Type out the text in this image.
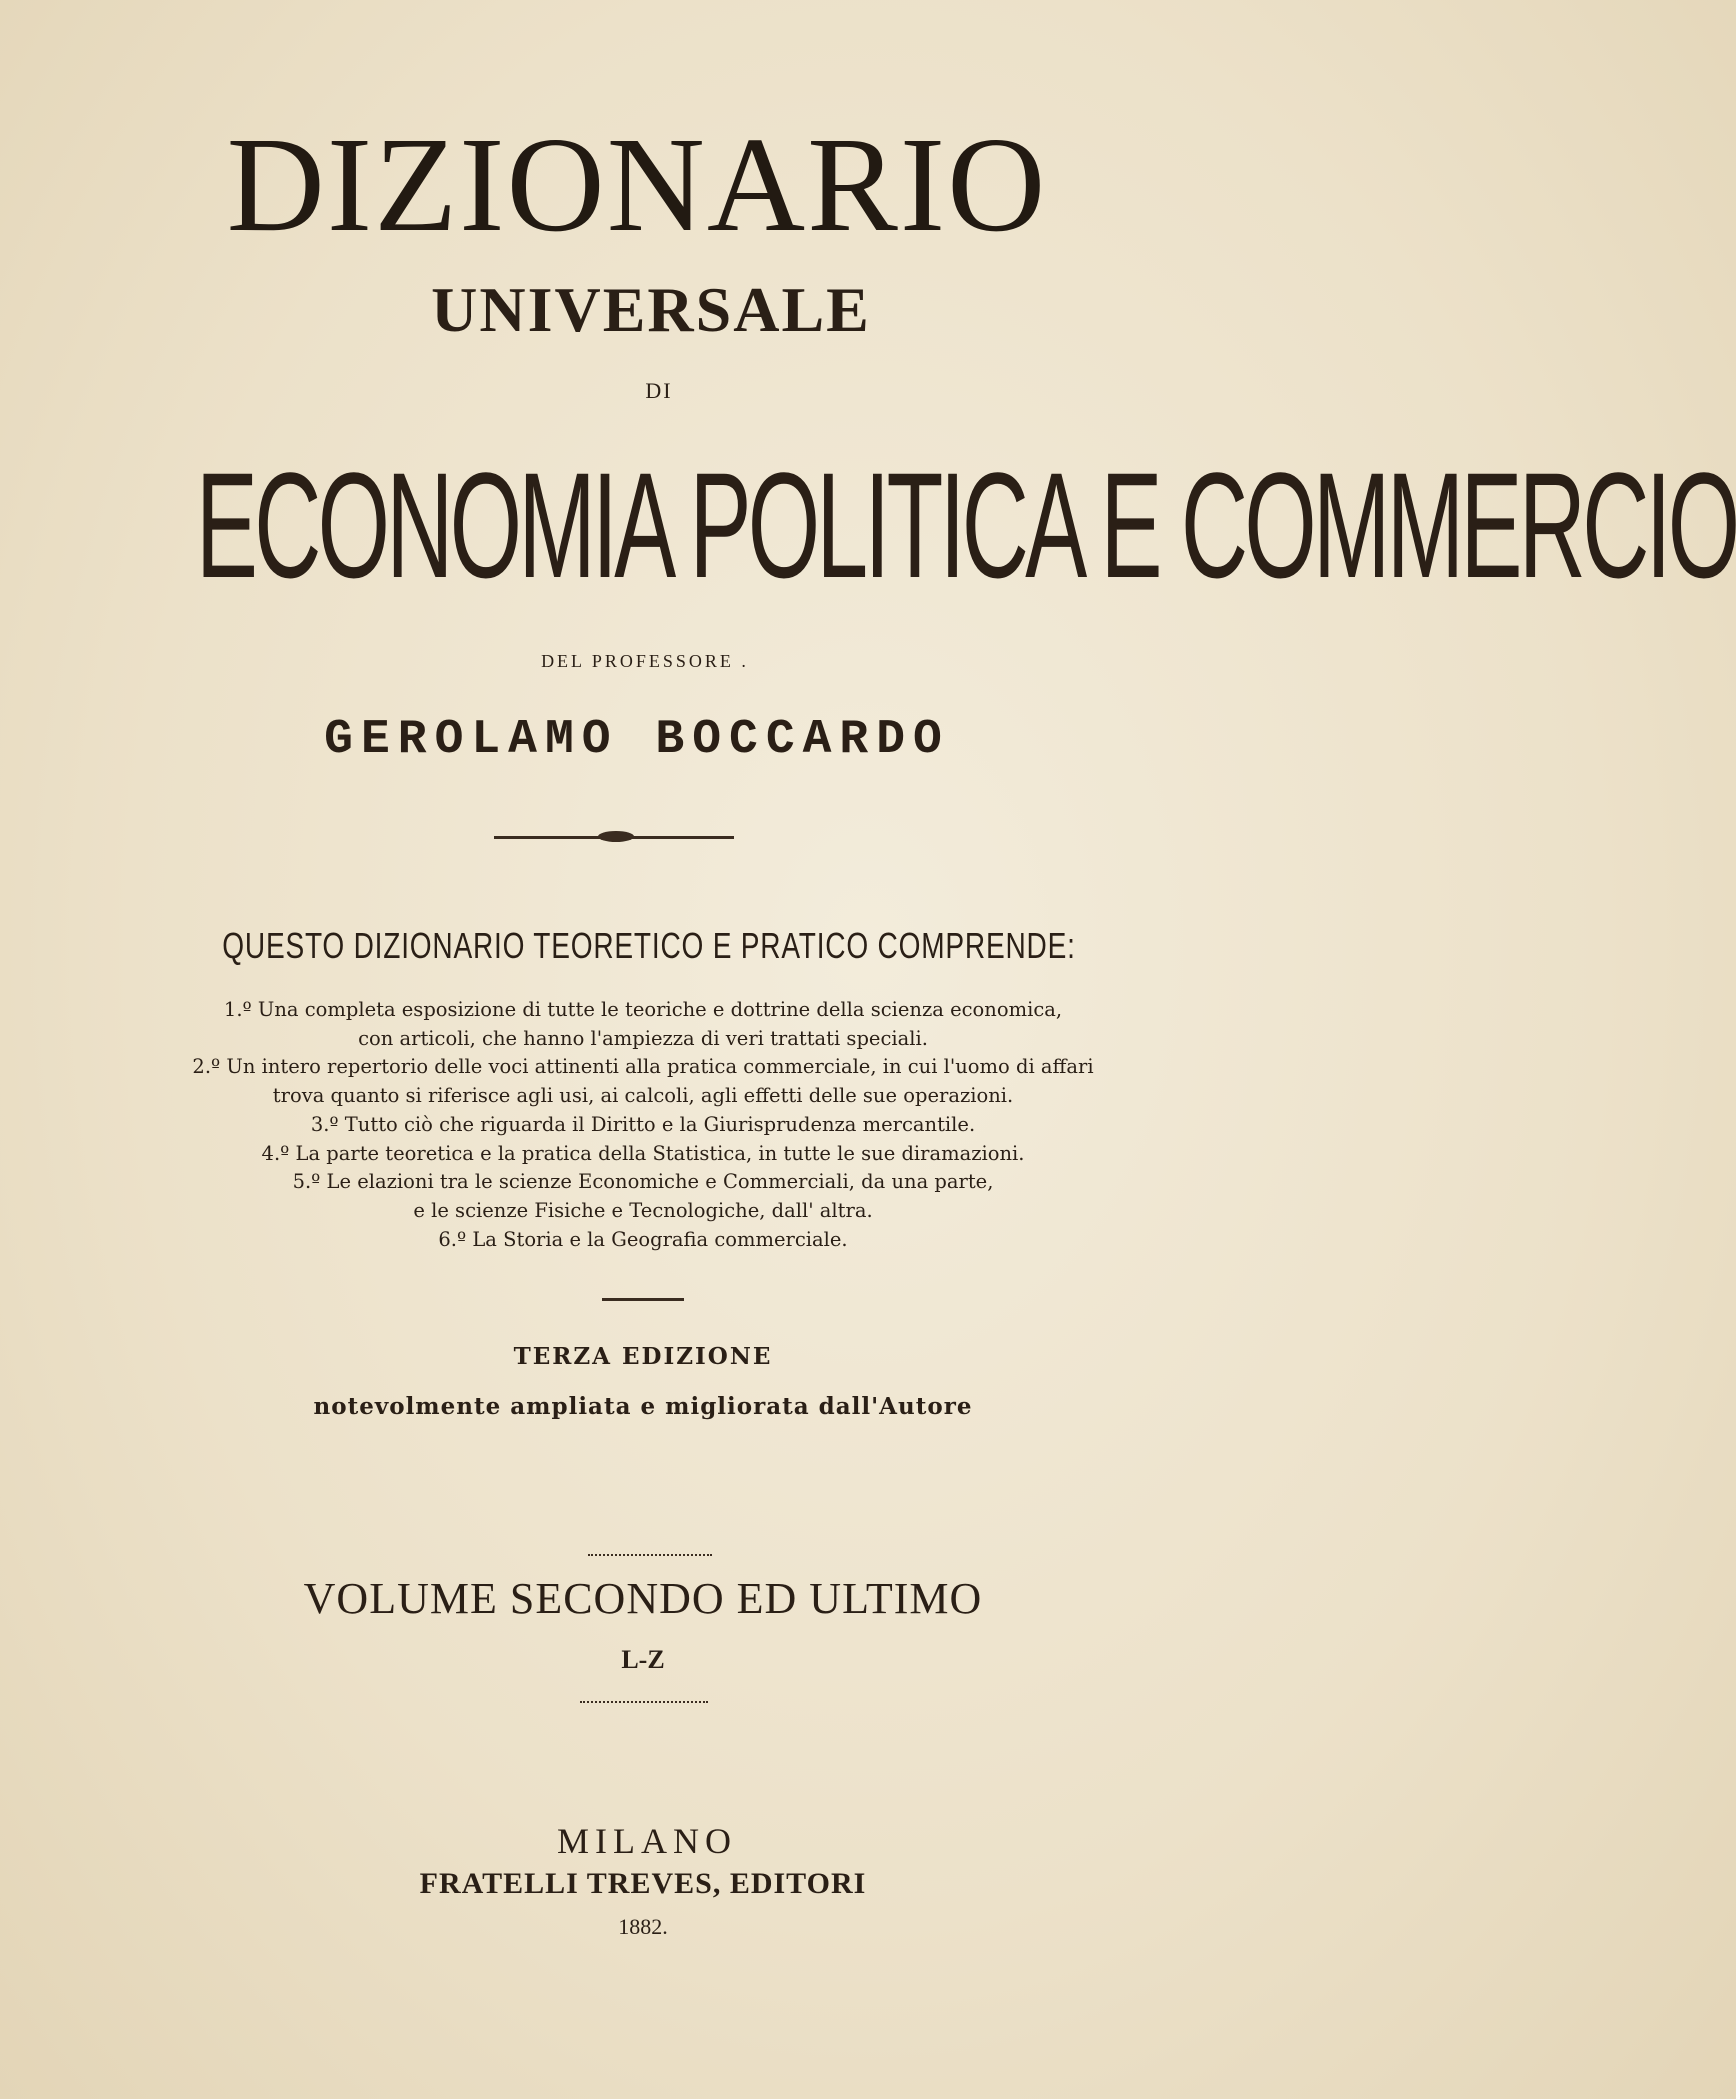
DIZIONARIO
UNIVERSALE
DI
ECONOMIA POLITICA E COMMERCIO
DEL PROFESSORE .
GEROLAMO BOCCARDO
QUESTO DIZIONARIO TEORETICO E PRATICO COMPRENDE:
1.º Una completa esposizione di tutte le teoriche e dottrine della scienza economica,
con articoli, che hanno l'ampiezza di veri trattati speciali.
2.º Un intero repertorio delle voci attinenti alla pratica commerciale, in cui l'uomo di affari
trova quanto si riferisce agli usi, ai calcoli, agli effetti delle sue operazioni.
3.º Tutto ciò che riguarda il Diritto e la Giurisprudenza mercantile.
4.º La parte teoretica e la pratica della Statistica, in tutte le sue diramazioni.
5.º Le elazioni tra le scienze Economiche e Commerciali, da una parte,
e le scienze Fisiche e Tecnologiche, dall' altra.
6.º La Storia e la Geografia commerciale.
TERZA EDIZIONE
notevolmente ampliata e migliorata dall'Autore
VOLUME SECONDO ED ULTIMO
L-Z
MILANO
FRATELLI TREVES, EDITORI
1882.
